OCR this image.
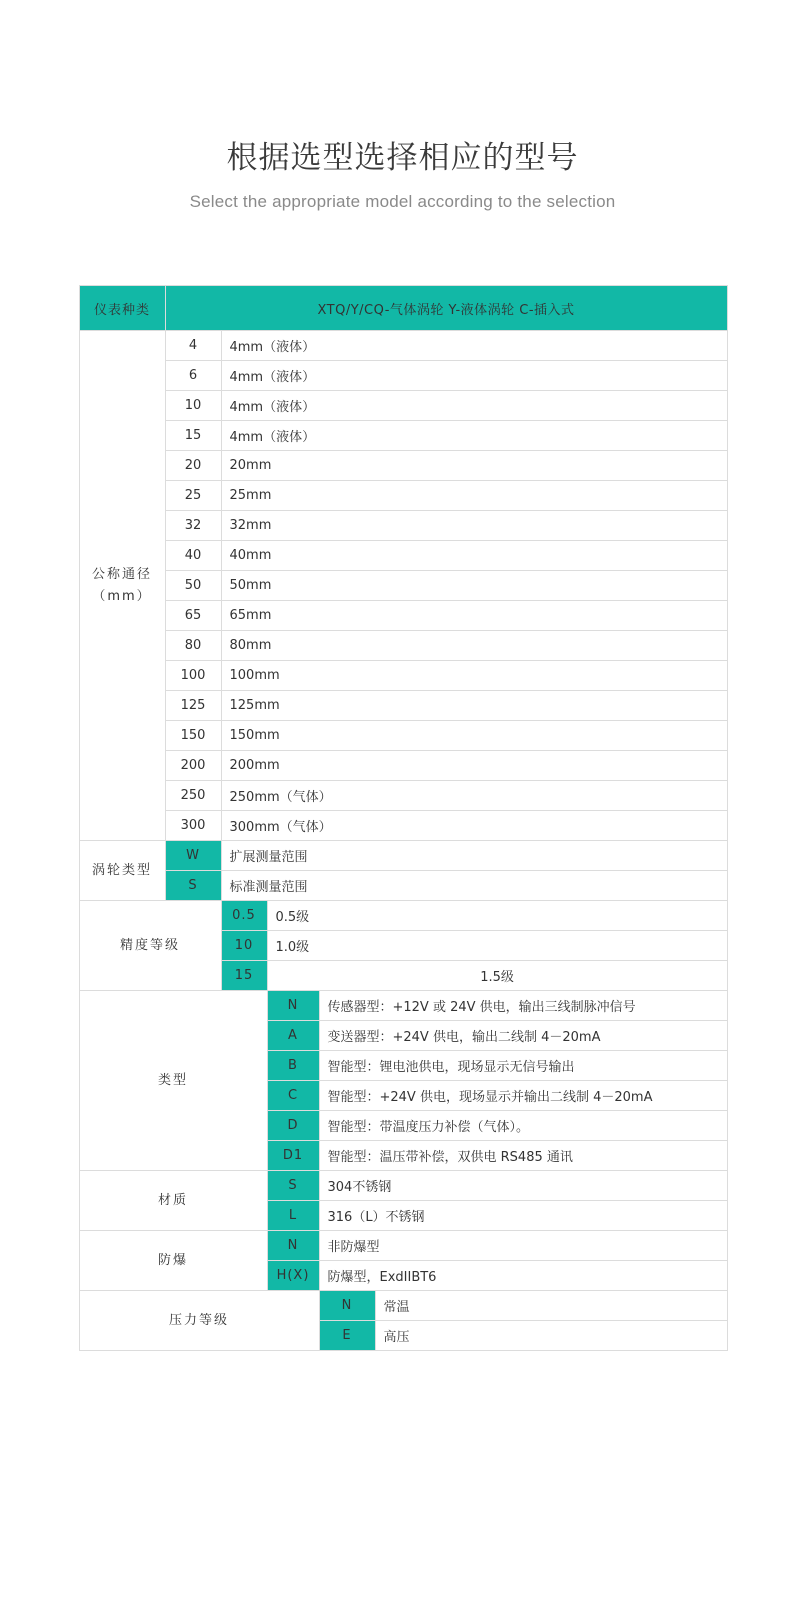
根据选型选择相应的型号

Select the appropriate model according to the selection

仪表种类	XTQ/Y/CQ-气体涡轮 Y-液体涡轮 C-插入式				
公称通径
（mm）	4	4mm（液体）			
	6	4mm（液体）			
	10	4mm（液体）			
	15	4mm（液体）			
	20	20mm			
	25	25mm			
	32	32mm			
	40	40mm			
	50	50mm			
	65	65mm			
	80	80mm			
	100	100mm			
	125	125mm			
	150	150mm			
	200	200mm			
	250	250mm（气体）			
	300	300mm（气体）			
涡轮类型	W	扩展测量范围			
	S	标准测量范围			
精度等级		0.5	0.5级		
		10	1.0级		
		15	1.5级		
类型			N	传感器型：+12V 或 24V 供电，输出三线制脉冲信号	
			A	变送器型：+24V 供电，输出二线制 4－20mA	
			B	智能型：锂电池供电，现场显示无信号输出	
			C	智能型：+24V 供电，现场显示并输出二线制 4－20mA	
			D	智能型：带温度压力补偿（气体）。	
			D1	智能型：温压带补偿，双供电 RS485 通讯	
材质			S	304不锈钢	
			L	316（L）不锈钢	
防爆			N	非防爆型	
			H(X)	防爆型，ExdIIBT6	
压力等级				N	常温
				E	高压
